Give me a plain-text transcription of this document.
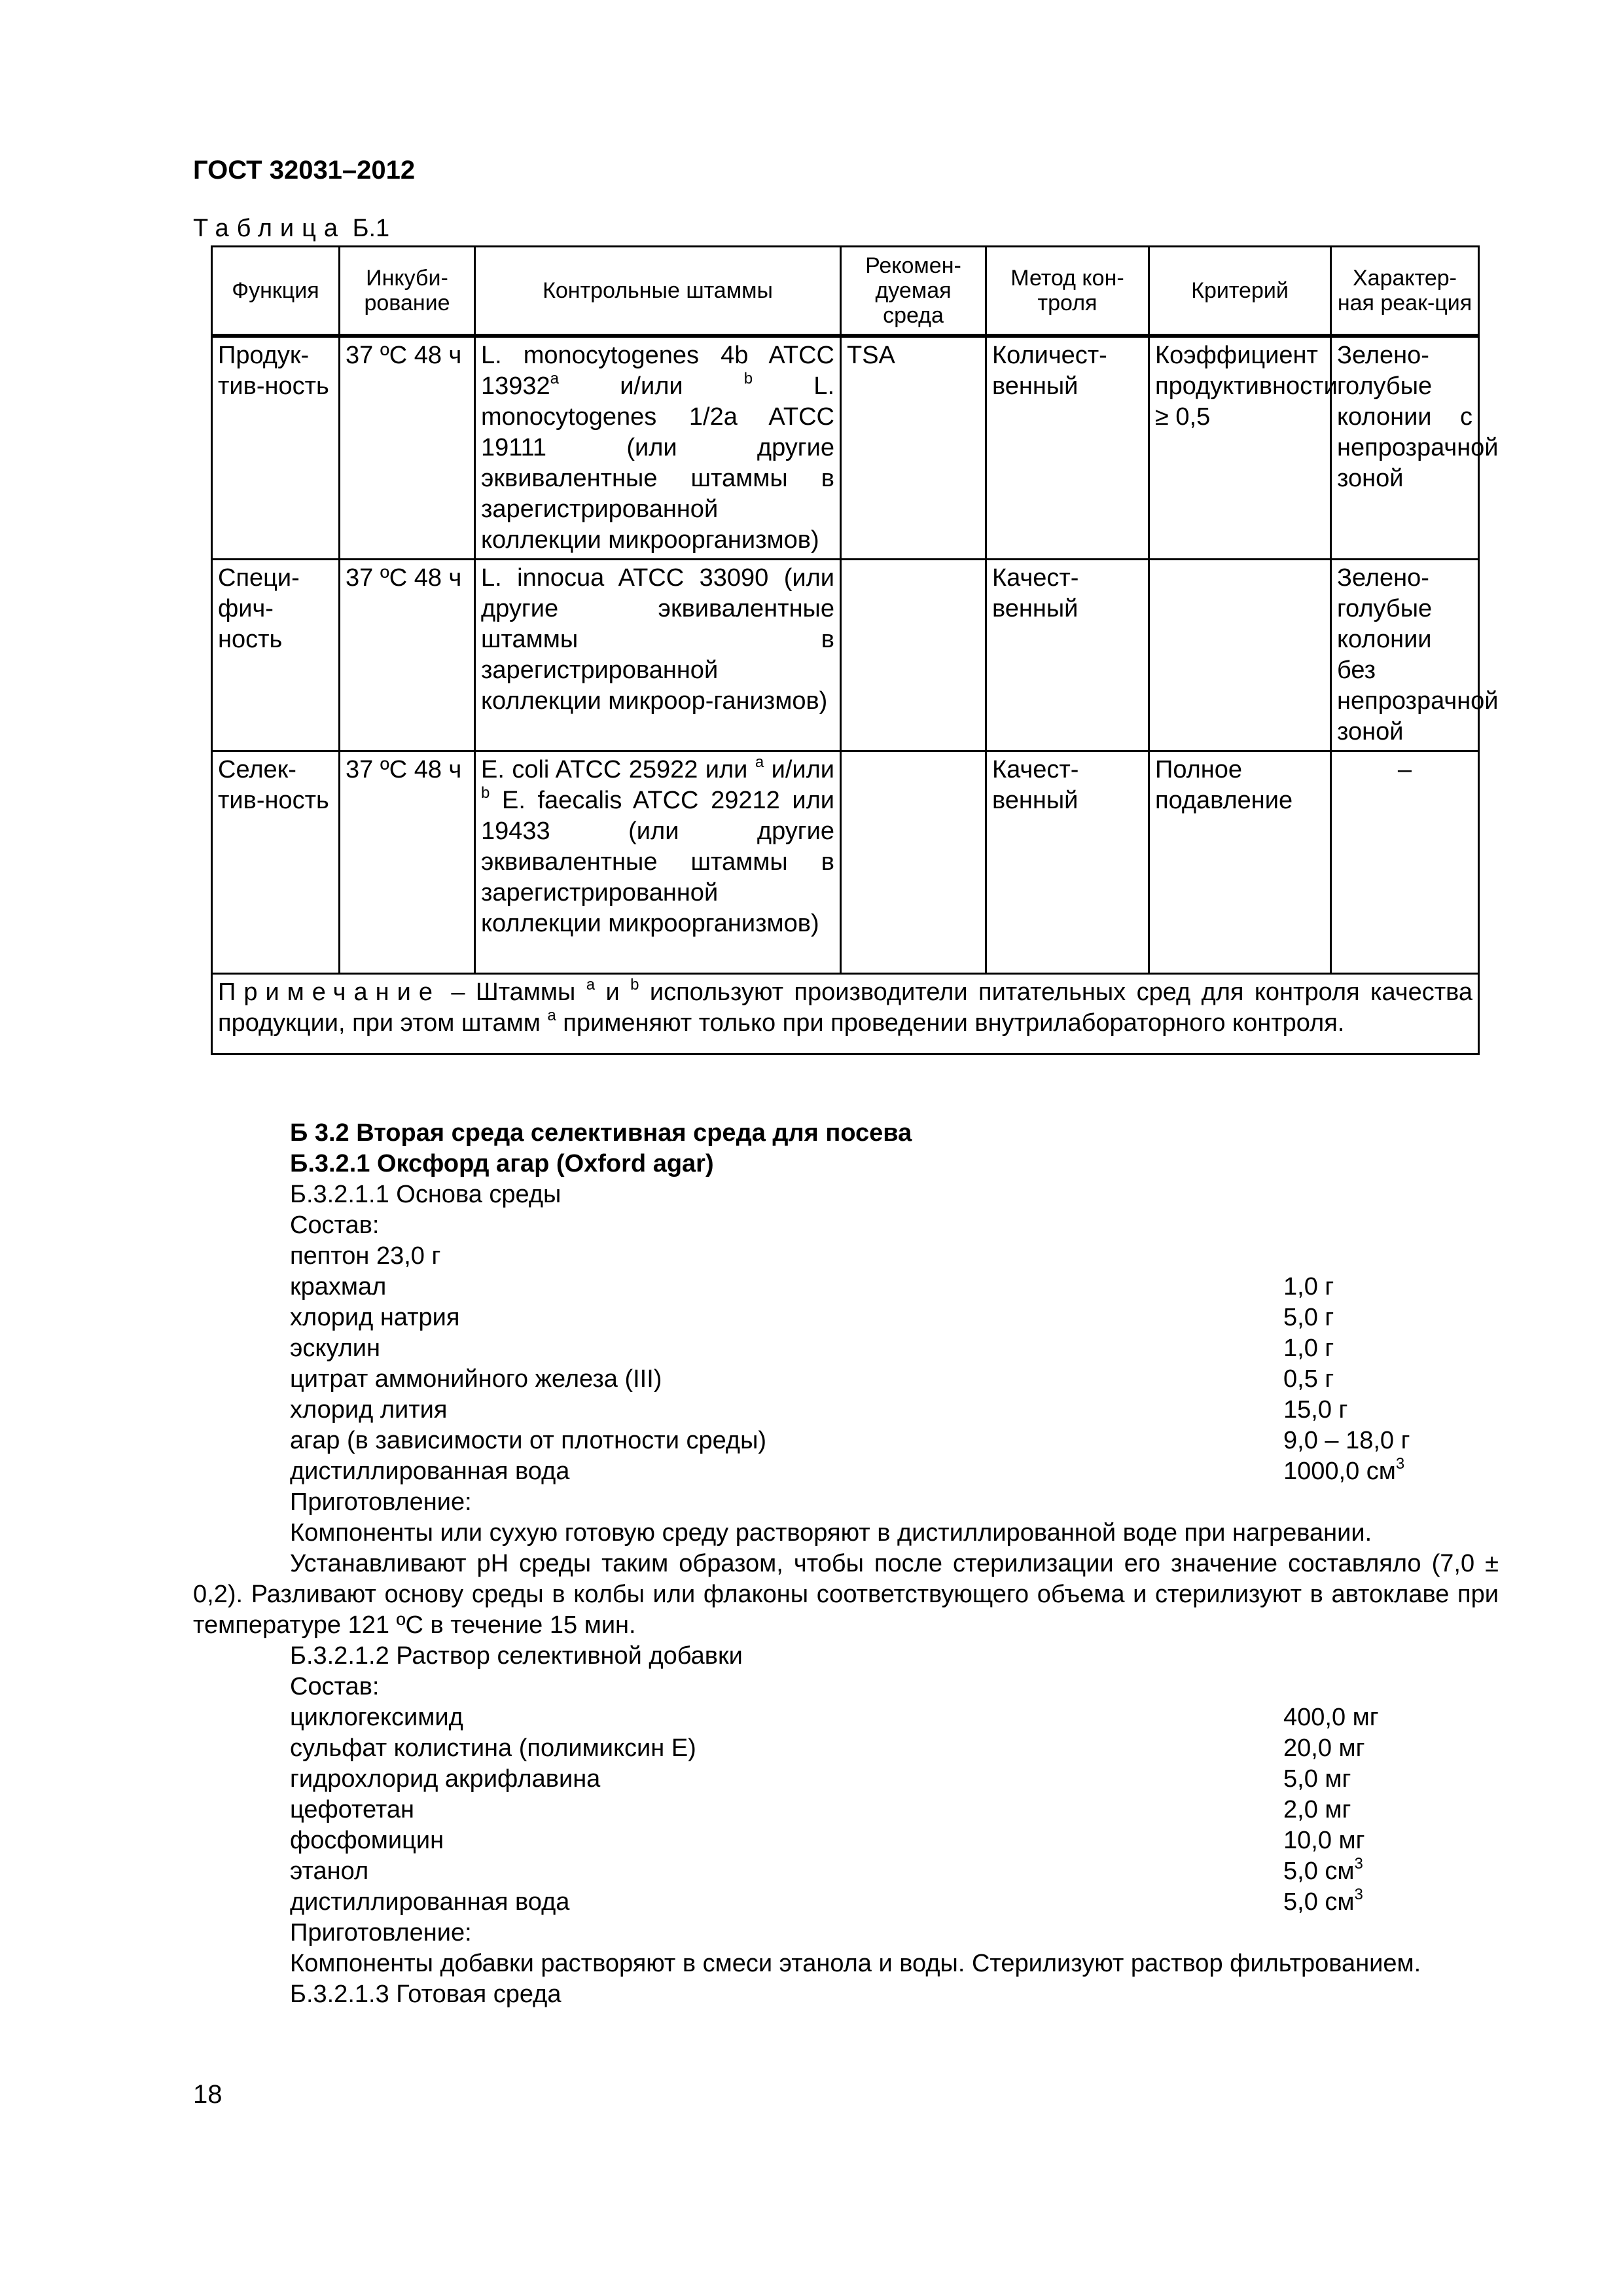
ГОСТ 32031–2012
Таблица Б.1
Функция	Инкуби-рование	Контрольные штаммы	Рекомен-дуемая среда	Метод кон-троля	Критерий	Характер-ная реак-ция
Продук-тив-ность	37 ºС 48 ч	L. monocytogenes 4b ATCC 13932$^a$ и/или $^b$ L. monocytogenes 1/2a ATCC 19111 (или другие эквивалентные штаммы в зарегистрированной коллекции микроорганизмов)	TSA	Количест-венный	Коэффициент продуктивности ≥ 0,5	Зелено-голубые колонии с непрозрачной зоной
Специ-фич-ность	37 ºС 48 ч	L. innocua ATCC 33090 (или другие эквивалентные штаммы в зарегистрированной коллекции микроор-ганизмов)		Качест-венный		Зелено-голубые колонии без непрозрачной зоной
Селек-тив-ность	37 ºС 48 ч	E. coli ATCC 25922 или $^a$ и/или $^b$ E. faecalis ATCC 29212 или 19433 (или другие эквивалентные штаммы в зарегистрированной коллекции микроорганизмов)		Качест-венный	Полное подавление	–
Примечание – Штаммы $^a$ и $^b$ используют производители питательных сред для контроля качества продукции, при этом штамм $^a$ применяют только при проведении внутрилабораторного контроля.						
Б 3.2 Вторая среда селективная среда для посева
Б.3.2.1 Оксфорд агар (Oxford agar)
Б.3.2.1.1 Основа среды
Состав:
пептон 23,0 г
крахмал	1,0 г
хлорид натрия	5,0 г
эскулин	1,0 г
цитрат аммонийного железа (III)	0,5 г
хлорид лития	15,0 г
агар (в зависимости от плотности среды)	9,0 – 18,0 г
дистиллированная вода	1000,0 $см^3$
Приготовление:
Компоненты или сухую готовую среду растворяют в дистиллированной воде при нагревании.
Устанавливают рН среды таким образом, чтобы после стерилизации его значение составляло (7,0 ± 0,2). Разливают основу среды в колбы или флаконы соответствующего объема и стерилизуют в автоклаве при температуре 121 ºС в течение 15 мин.
Б.3.2.1.2 Раствор селективной добавки
Состав:
циклогексимид	400,0 мг
сульфат колистина (полимиксин Е)	20,0 мг
гидрохлорид акрифлавина	5,0 мг
цефотетан	2,0 мг
фосфомицин	10,0 мг
этанол	5,0 $см^3$
дистиллированная вода	5,0 $см^3$
Приготовление:
Компоненты добавки растворяют в смеси этанола и воды. Стерилизуют раствор фильтрованием.
Б.3.2.1.3 Готовая среда
18
